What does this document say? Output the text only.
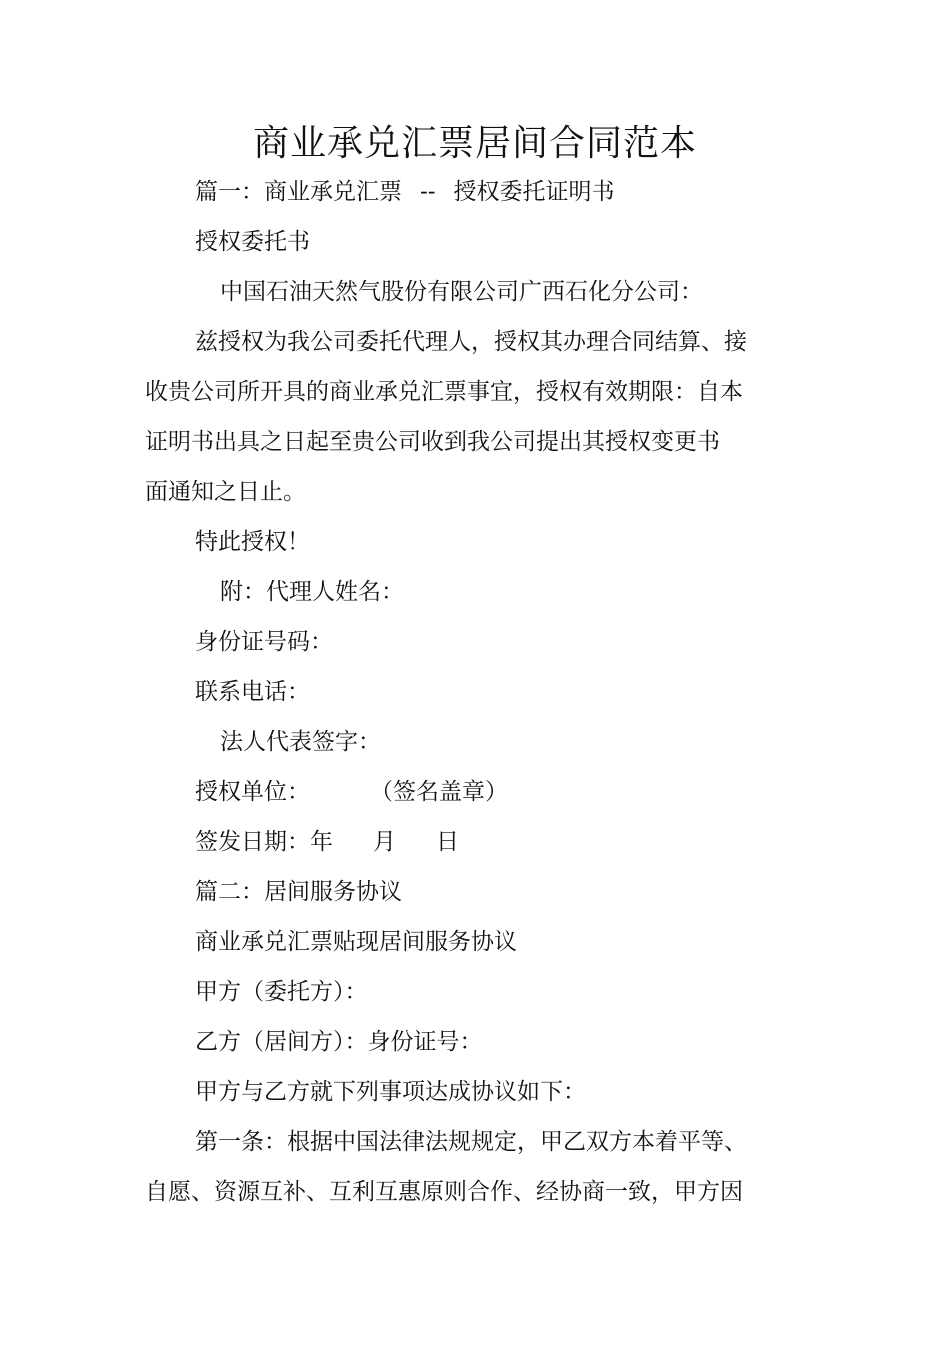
商业承兑汇票居间合同范本

篇一：商业承兑汇票 -- 授权委托证明书

授权委托书

中国石油天然气股份有限公司广西石化分公司：

兹授权为我公司委托代理人，授权其办理合同结算、接

收贵公司所开具的商业承兑汇票事宜，授权有效期限：自本

证明书出具之日起至贵公司收到我公司提出其授权变更书

面通知之日止。

特此授权！

附：代理人姓名：

身份证号码：

联系电话：

法人代表签字：

授权单位：	（签名盖章）

签发日期：年 月 日

篇二：居间服务协议

商业承兑汇票贴现居间服务协议

甲方（委托方）：

乙方（居间方）：身份证号：

甲方与乙方就下列事项达成协议如下：

第一条：根据中国法律法规规定，甲乙双方本着平等、

自愿、资源互补、互利互惠原则合作、经协商一致，甲方因
